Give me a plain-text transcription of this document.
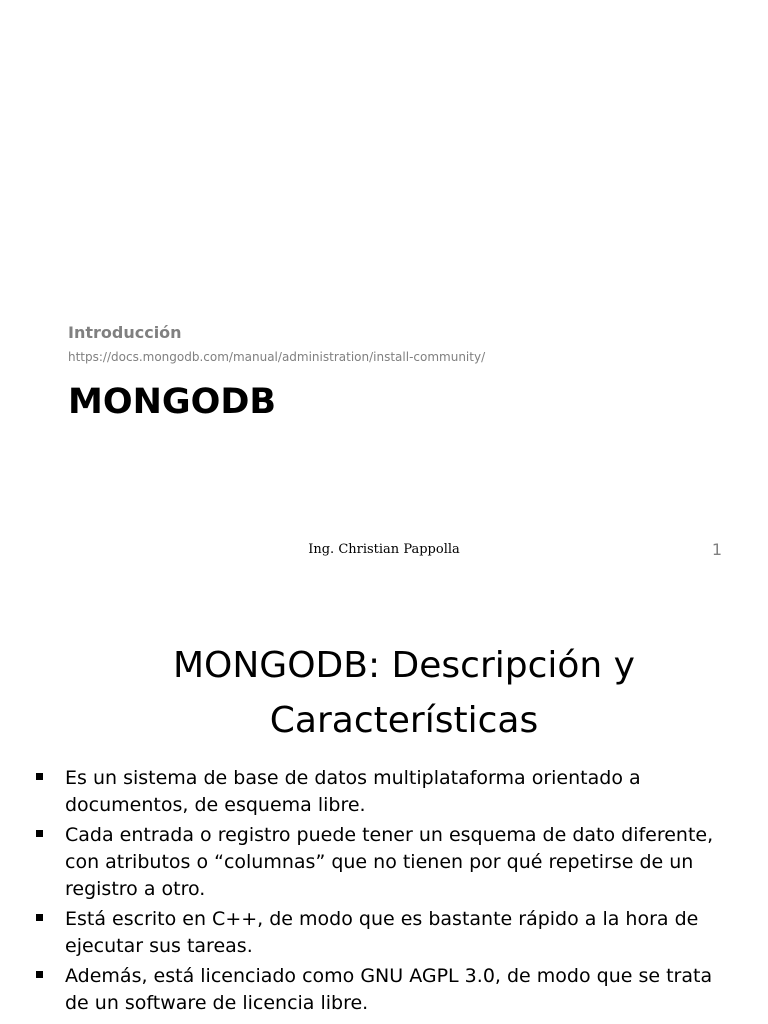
Introducción
https://docs.mongodb.com/manual/administration/install-community/
MONGODB
Ing. Christian Pappolla	1
MONGODB: Descripción y
Características
Es un sistema de base de datos multiplataforma orientado a documentos, de esquema libre.
Cada entrada o registro puede tener un esquema de dato diferente, con atributos o “columnas” que no tienen por qué repetirse de un registro a otro.
Está escrito en C++, de modo que es bastante rápido a la hora de ejecutar sus tareas.
Además, está licenciado como GNU AGPL 3.0, de modo que se trata de un software de licencia libre.
